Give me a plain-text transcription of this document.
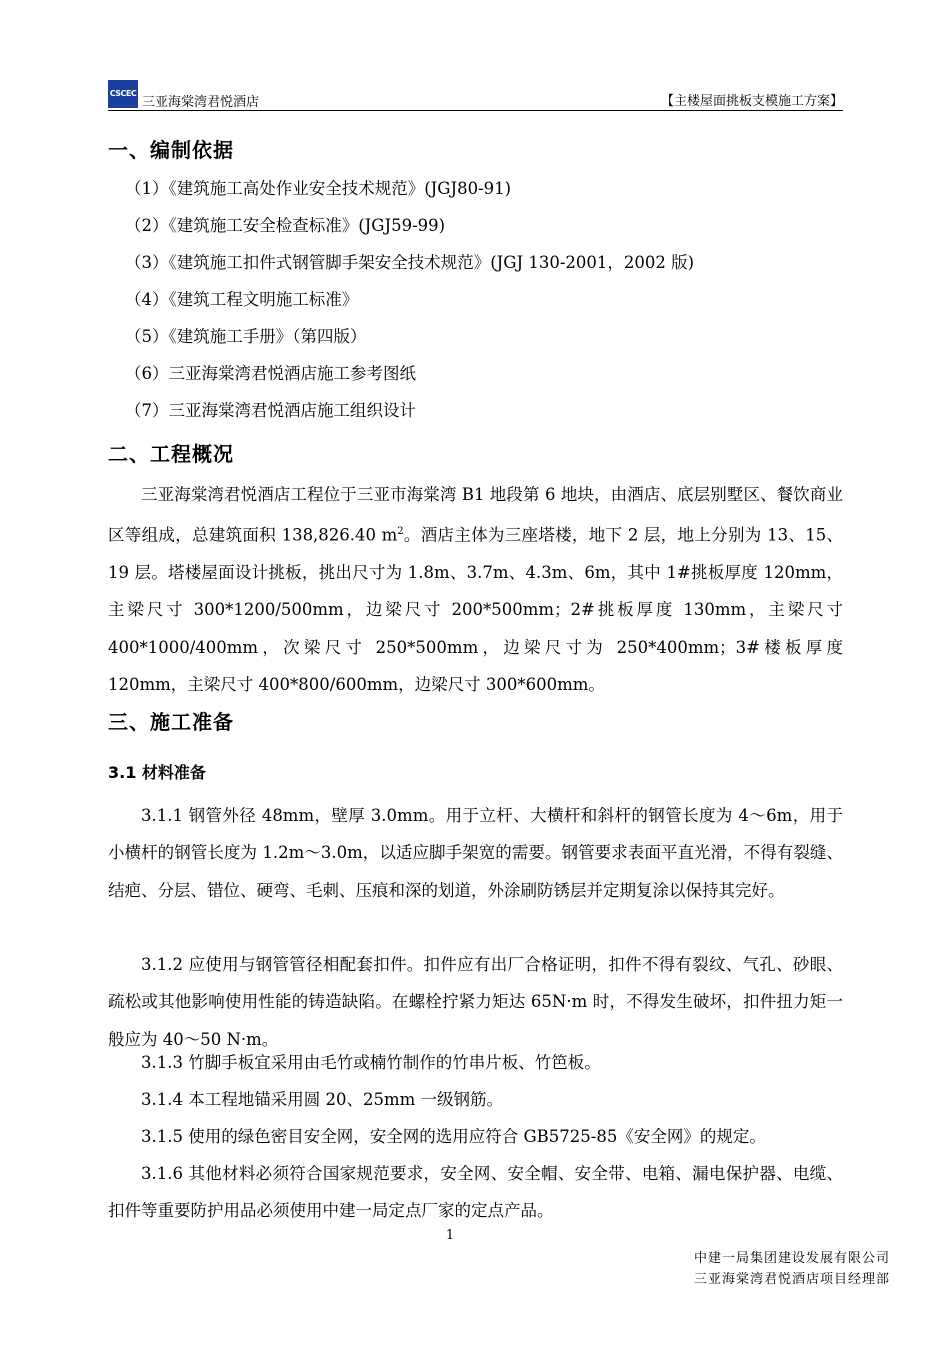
CSCEC
三亚海棠湾君悦酒店	【主楼屋面挑板支模施工方案】
一、编制依据
（1）《建筑施工高处作业安全技术规范》(JGJ80-91)
（2）《建筑施工安全检查标准》(JGJ59-99)
（3）《建筑施工扣件式钢管脚手架安全技术规范》(JGJ 130-2001，2002 版)
（4）《建筑工程文明施工标准》
（5）《建筑施工手册》（第四版）
（6）三亚海棠湾君悦酒店施工参考图纸
（7）三亚海棠湾君悦酒店施工组织设计
二、工程概况

三亚海棠湾君悦酒店工程位于三亚市海棠湾 B1 地段第 6 地块，由酒店、底层别墅区、餐饮商业区等组成，总建筑面积 138,826.40 $m^2$。酒店主体为三座塔楼，地下 2 层，地上分别为 13、15、19 层。塔楼屋面设计挑板，挑出尺寸为 1.8m、3.7m、4.3m、6m，其中 1#挑板厚度 120mm，主梁尺寸 300*1200/500mm，边梁尺寸 200*500mm；2#挑板厚度 130mm，主梁尺寸 400*1000/400mm，次梁尺寸 250*500mm，边梁尺寸为 250*400mm；3#楼板厚度 120mm，主梁尺寸 400*800/600mm，边梁尺寸 300*600mm。

三、施工准备
3.1 材料准备

3.1.1 钢管外径 48mm，壁厚 3.0mm。用于立杆、大横杆和斜杆的钢管长度为 4～6m，用于小横杆的钢管长度为 1.2m～3.0m，以适应脚手架宽的需要。钢管要求表面平直光滑，不得有裂缝、结疤、分层、错位、硬弯、毛刺、压痕和深的划道，外涂刷防锈层并定期复涂以保持其完好。

3.1.2 应使用与钢管管径相配套扣件。扣件应有出厂合格证明，扣件不得有裂纹、气孔、砂眼、疏松或其他影响使用性能的铸造缺陷。在螺栓拧紧力矩达 65N·m 时，不得发生破坏，扣件扭力矩一般应为 40～50 N·m。

3.1.3 竹脚手板宜采用由毛竹或楠竹制作的竹串片板、竹笆板。

3.1.4 本工程地锚采用圆 20、25mm 一级钢筋。

3.1.5 使用的绿色密目安全网，安全网的选用应符合 GB5725-85《安全网》的规定。

3.1.6 其他材料必须符合国家规范要求，安全网、安全帽、安全带、电箱、漏电保护器、电缆、扣件等重要防护用品必须使用中建一局定点厂家的定点产品。

1
中建一局集团建设发展有限公司
三亚海棠湾君悦酒店项目经理部
